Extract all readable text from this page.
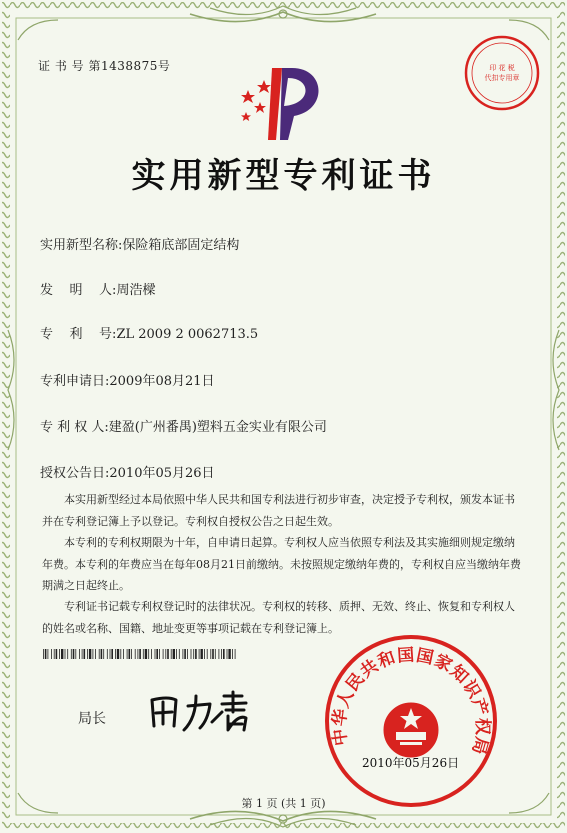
证 书 号 第1438875号	印 花 税
代扣专用章
实用新型专利证书
实用新型名称:保险箱底部固定结构
发    明    人:周浩樑
专    利    号:ZL 2009 2 0062713.5
专利申请日:2009年08月21日
专 利 权 人:建盈(广州番禺)塑料五金实业有限公司
授权公告日:2010年05月26日
本实用新型经过本局依照中华人民共和国专利法进行初步审查，决定授予专利权，颁发本证书并在专利登记簿上予以登记。专利权自授权公告之日起生效。
本专利的专利权期限为十年，自申请日起算。专利权人应当依照专利法及其实施细则规定缴纳年费。本专利的年费应当在每年08月21日前缴纳。未按照规定缴纳年费的，专利权自应当缴纳年费期满之日起终止。
专利证书记载专利权登记时的法律状况。专利权的转移、质押、无效、终止、恢复和专利权人的姓名或名称、国籍、地址变更等事项记载在专利登记簿上。
局长
中华人民共和国国家知识产权局
2010年05月26日
第 1 页 (共 1 页)
